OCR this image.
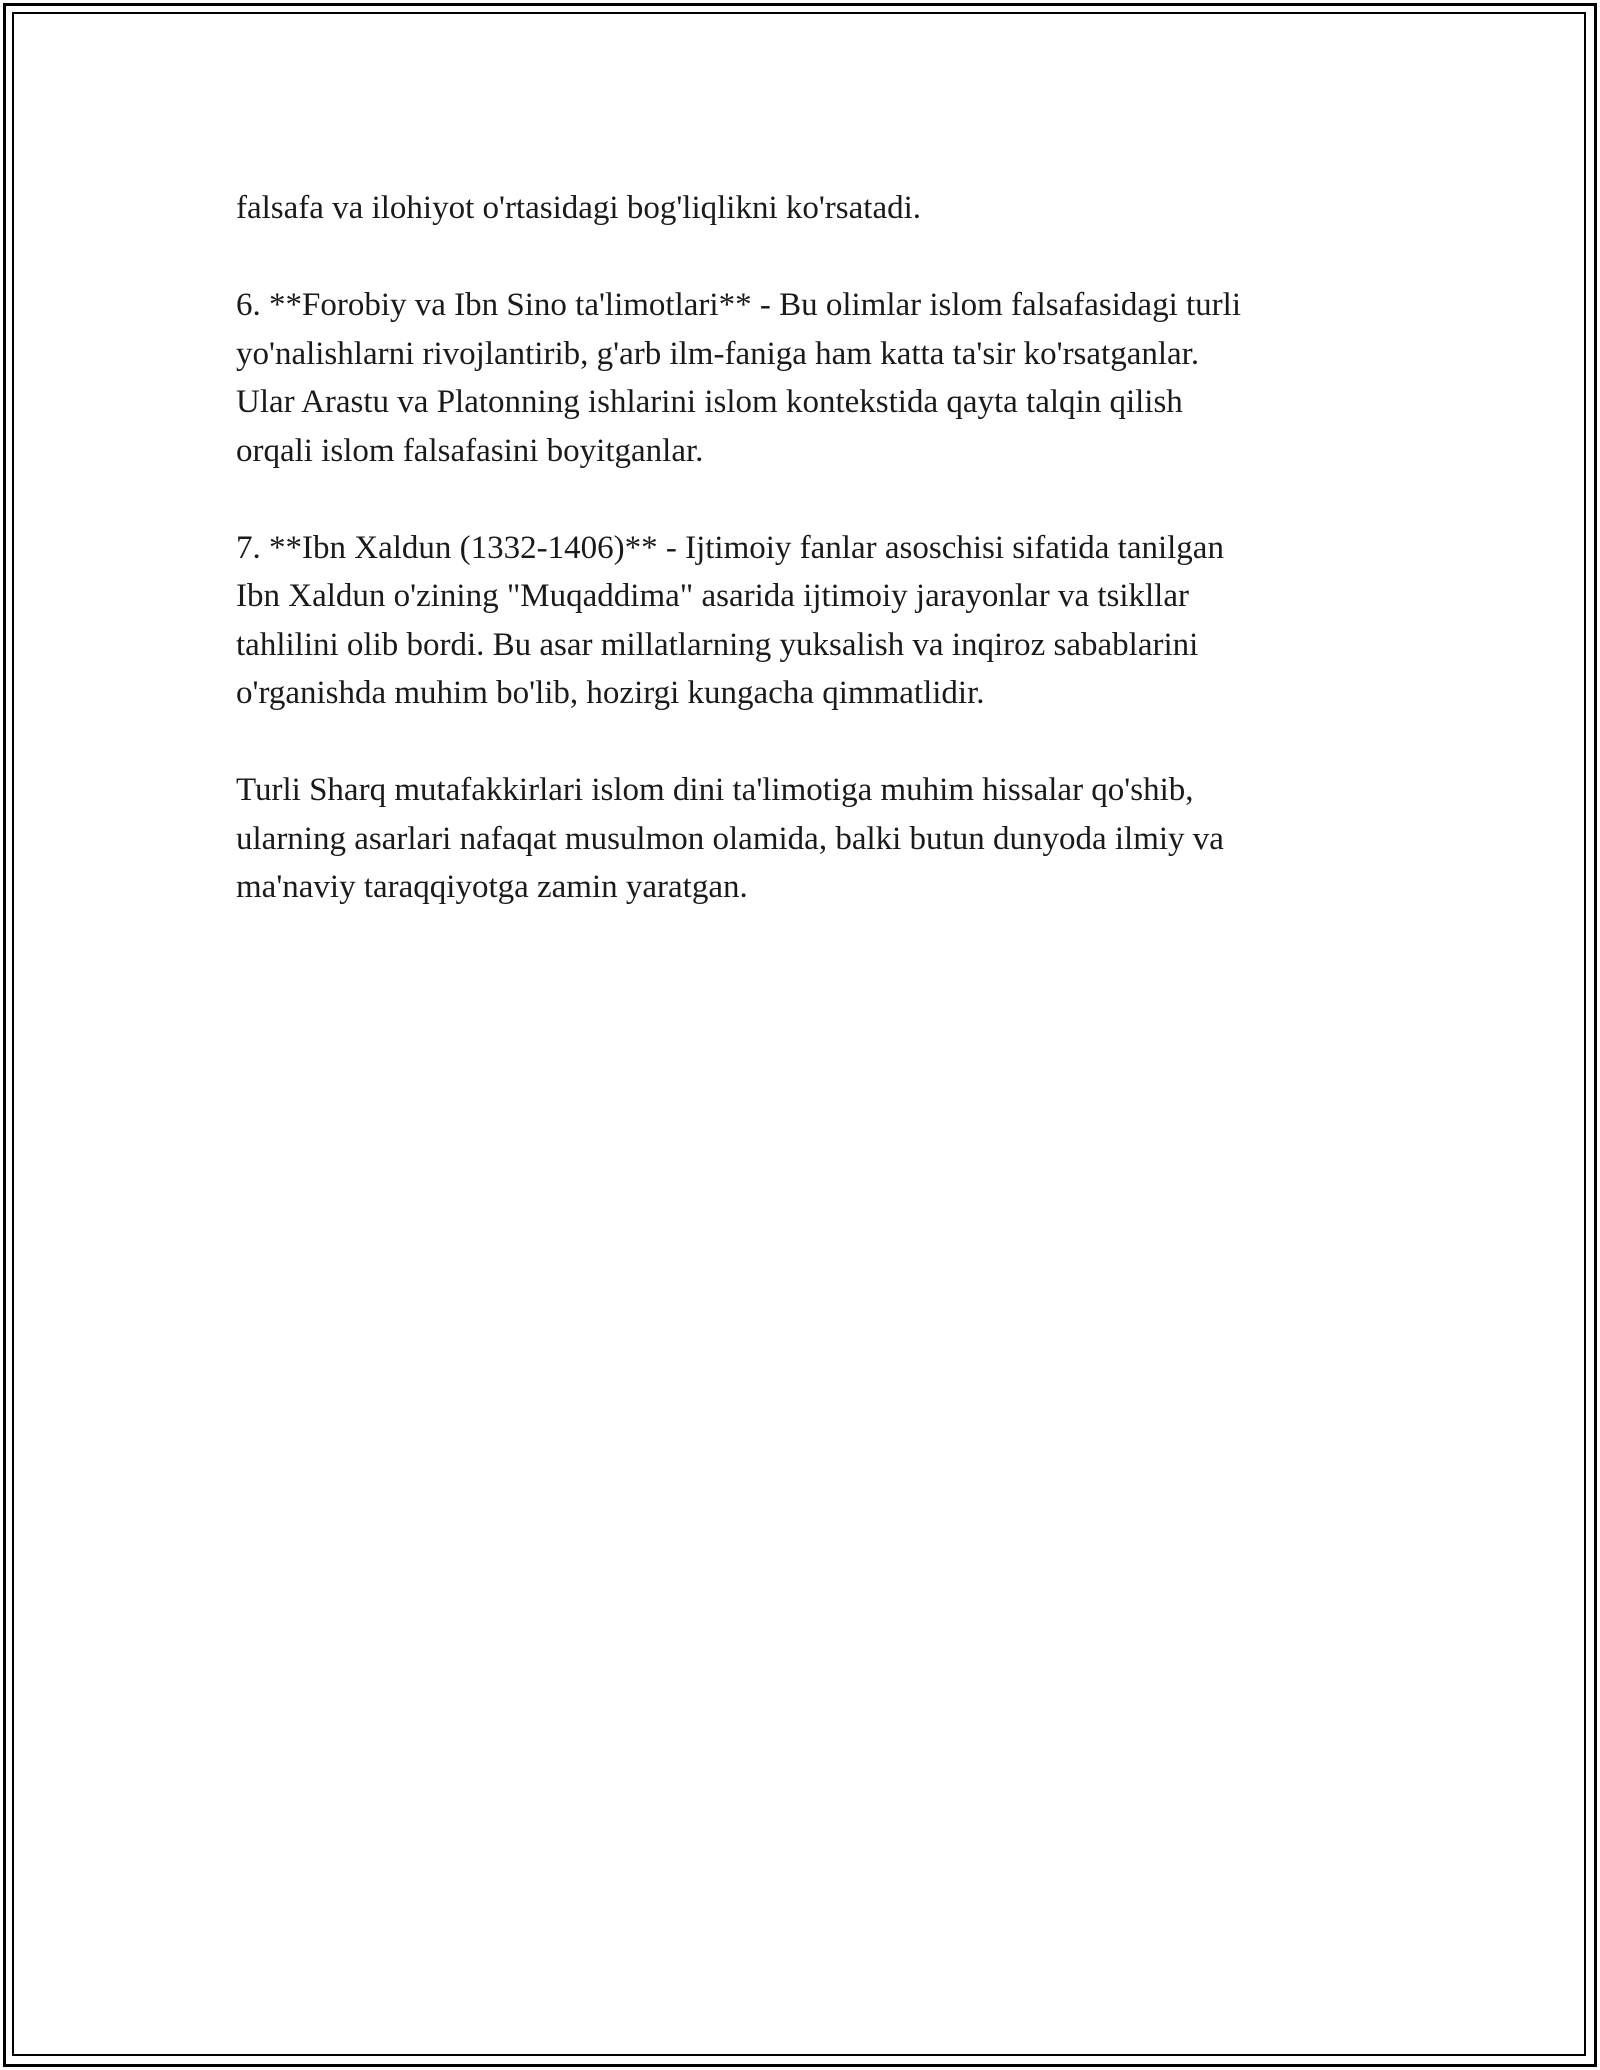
falsafa va ilohiyot o'rtasidagi bog'liqlikni ko'rsatadi.

6. **Forobiy va Ibn Sino ta'limotlari** - Bu olimlar islom falsafasidagi turli
yo'nalishlarni rivojlantirib, g'arb ilm-faniga ham katta ta'sir ko'rsatganlar.
Ular Arastu va Platonning ishlarini islom kontekstida qayta talqin qilish
orqali islom falsafasini boyitganlar.

7. **Ibn Xaldun (1332-1406)** - Ijtimoiy fanlar asoschisi sifatida tanilgan
Ibn Xaldun o'zining "Muqaddima" asarida ijtimoiy jarayonlar va tsikllar
tahlilini olib bordi. Bu asar millatlarning yuksalish va inqiroz sabablarini
o'rganishda muhim bo'lib, hozirgi kungacha qimmatlidir.

Turli Sharq mutafakkirlari islom dini ta'limotiga muhim hissalar qo'shib,
ularning asarlari nafaqat musulmon olamida, balki butun dunyoda ilmiy va
ma'naviy taraqqiyotga zamin yaratgan.
